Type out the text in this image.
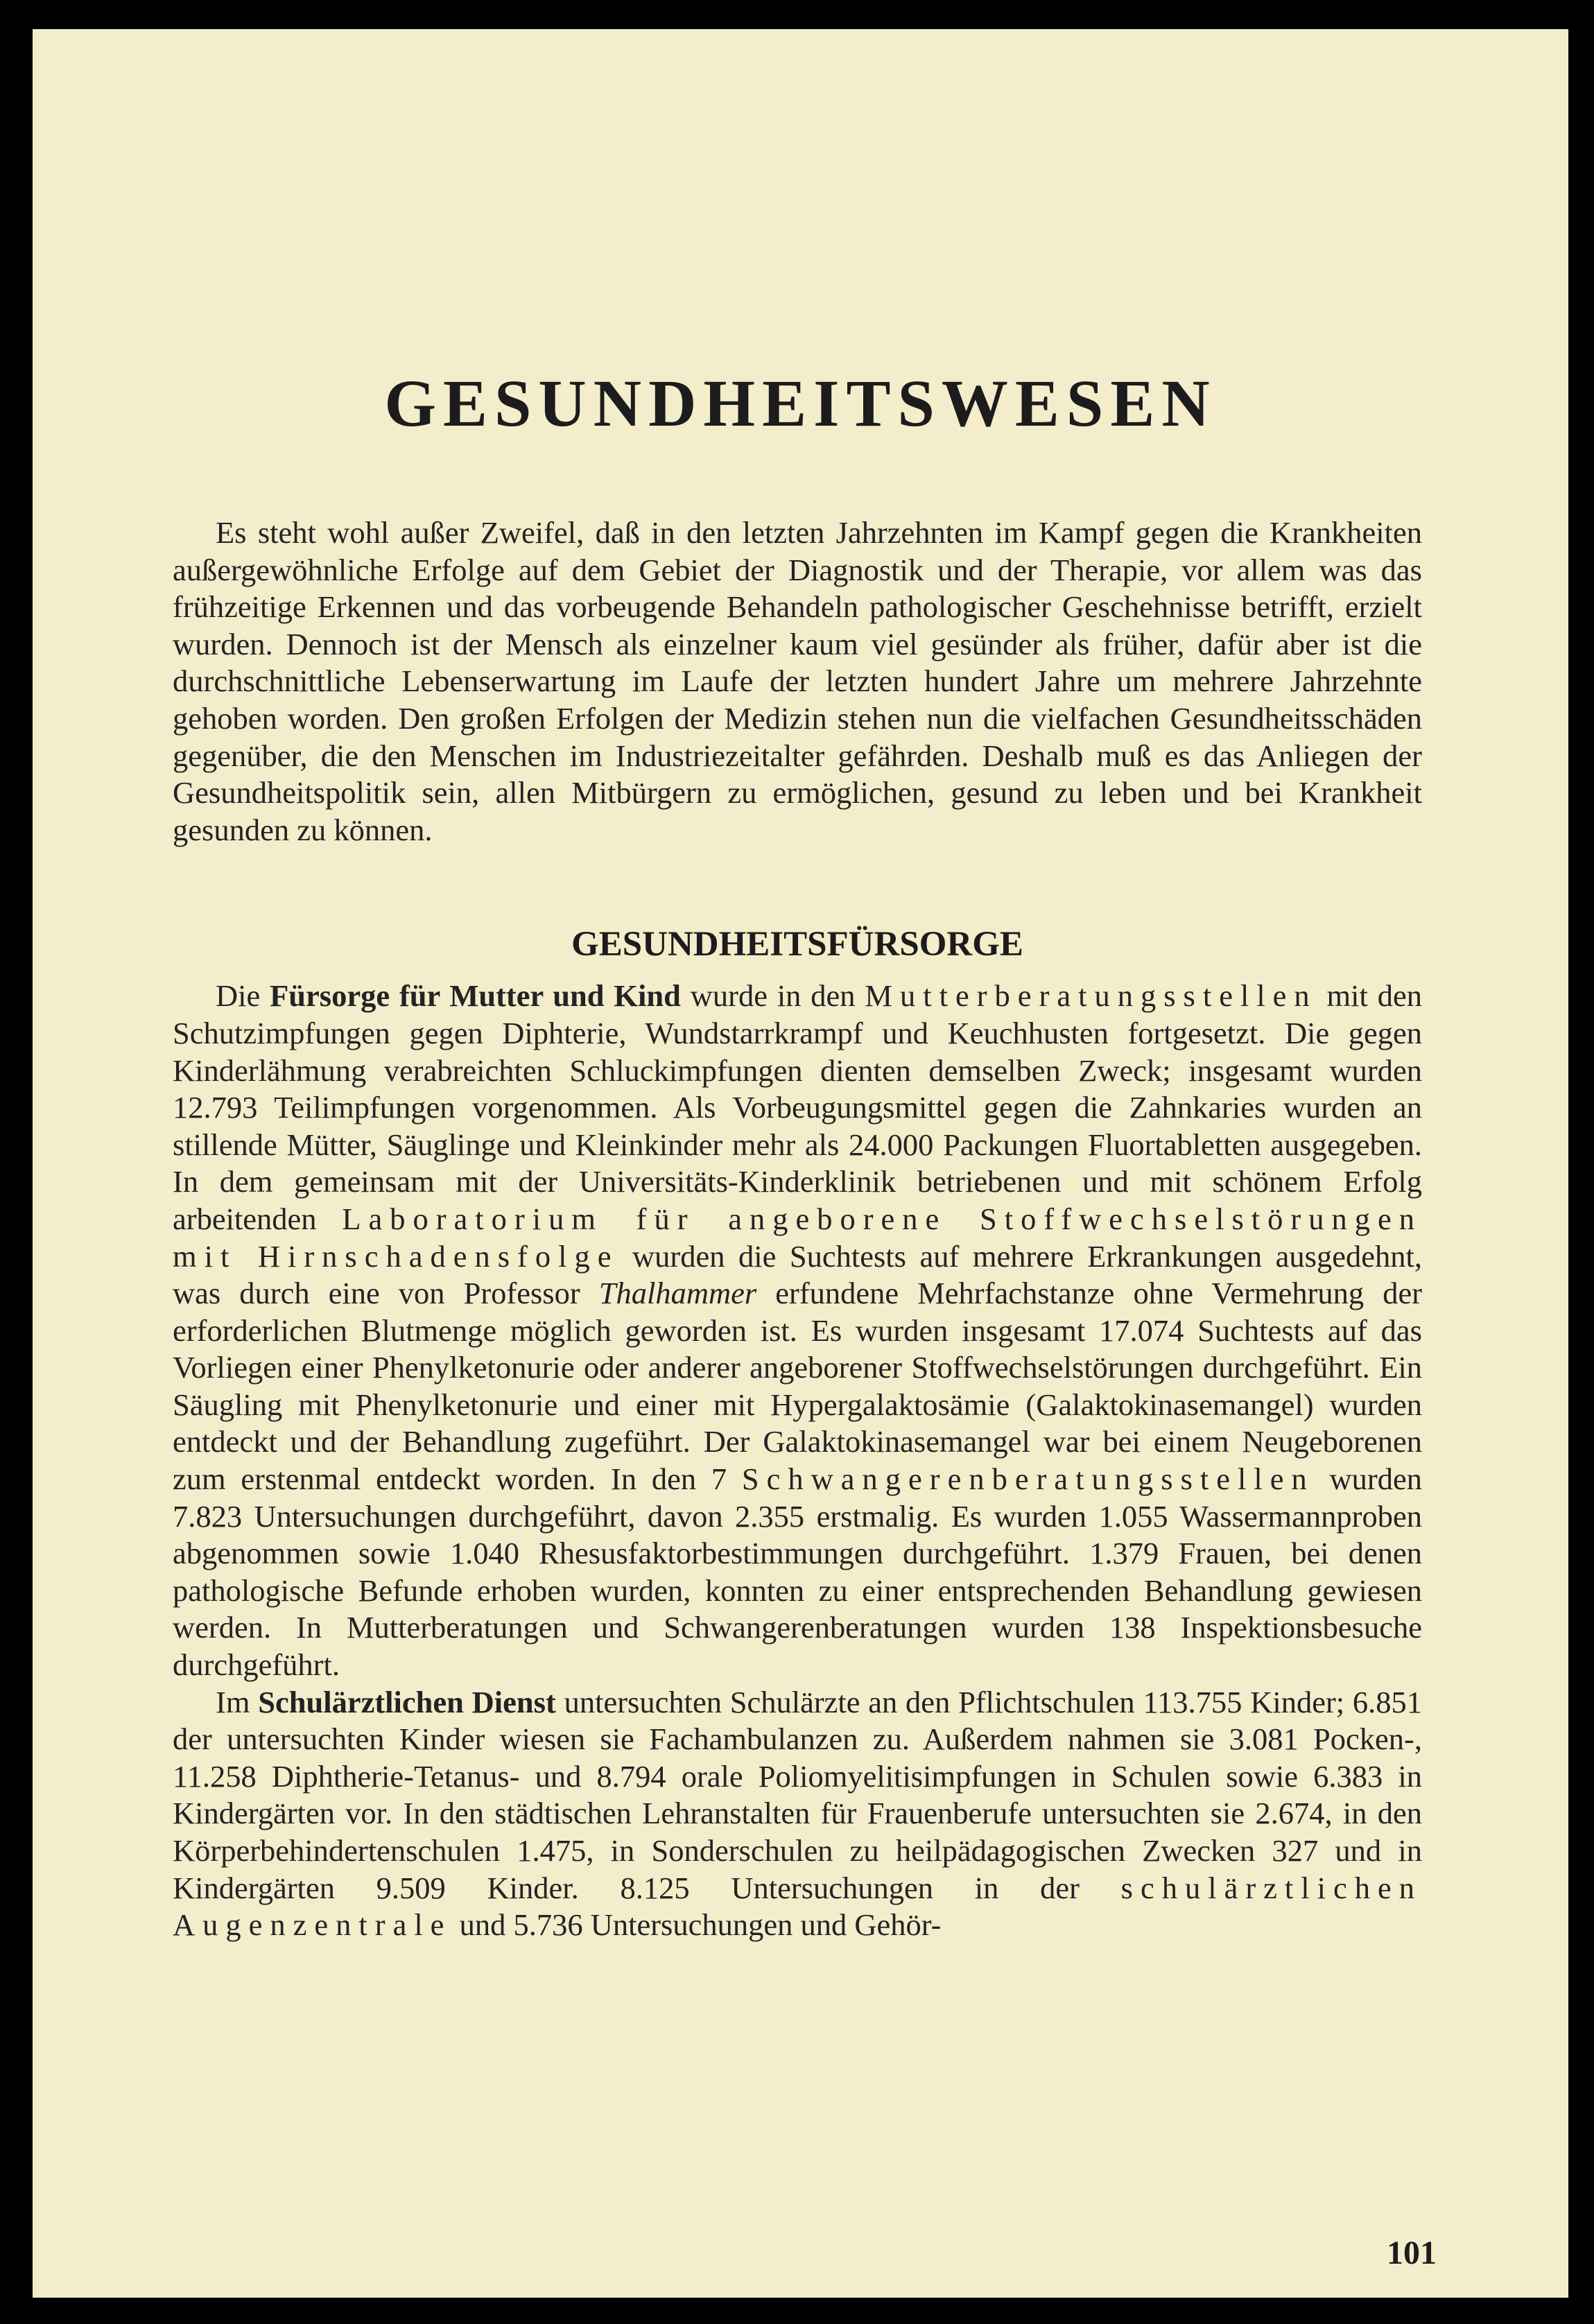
GESUNDHEITSWESEN

Es steht wohl außer Zweifel, daß in den letzten Jahrzehnten im Kampf gegen die Krankheiten außergewöhnliche Erfolge auf dem Gebiet der Diagnostik und der Therapie, vor allem was das frühzeitige Erkennen und das vorbeugende Behandeln pathologischer Geschehnisse betrifft, erzielt wurden. Dennoch ist der Mensch als einzelner kaum viel gesünder als früher, dafür aber ist die durchschnittliche Lebenserwartung im Laufe der letzten hundert Jahre um mehrere Jahrzehnte gehoben worden. Den großen Erfolgen der Medizin stehen nun die vielfachen Gesundheitsschäden gegenüber, die den Menschen im Industriezeitalter gefährden. Deshalb muß es das Anliegen der Gesundheitspolitik sein, allen Mitbürgern zu ermöglichen, gesund zu leben und bei Krankheit gesunden zu können.

GESUNDHEITSFÜRSORGE

Die Fürsorge für Mutter und Kind wurde in den Mutterberatungsstellen mit den Schutzimpfungen gegen Diphterie, Wundstarrkrampf und Keuchhusten fortgesetzt. Die gegen Kinderlähmung verabreichten Schluckimpfungen dienten demselben Zweck; insgesamt wurden 12.793 Teilimpfungen vorgenommen. Als Vorbeugungsmittel gegen die Zahnkaries wurden an stillende Mütter, Säuglinge und Kleinkinder mehr als 24.000 Packungen Fluortabletten ausgegeben. In dem gemeinsam mit der Universitäts-Kinderklinik betriebenen und mit schönem Erfolg arbeitenden Laboratorium für angeborene Stoffwechselstörungen mit Hirnschadensfolge wurden die Suchtests auf mehrere Erkrankungen ausgedehnt, was durch eine von Professor Thalhammer erfundene Mehrfachstanze ohne Vermehrung der erforderlichen Blutmenge möglich geworden ist. Es wurden insgesamt 17.074 Suchtests auf das Vorliegen einer Phenylketonurie oder anderer angeborener Stoffwechselstörungen durchgeführt. Ein Säugling mit Phenylketonurie und einer mit Hypergalaktosämie (Galaktokinasemangel) wurden entdeckt und der Behandlung zugeführt. Der Galaktokinasemangel war bei einem Neugeborenen zum erstenmal entdeckt worden. In den 7 Schwangerenberatungsstellen wurden 7.823 Untersuchungen durchgeführt, davon 2.355 erstmalig. Es wurden 1.055 Wassermannproben abgenommen sowie 1.040 Rhesusfaktorbestimmungen durchgeführt. 1.379 Frauen, bei denen pathologische Befunde erhoben wurden, konnten zu einer entsprechenden Behandlung gewiesen werden. In Mutterberatungen und Schwangerenberatungen wurden 138 Inspektionsbesuche durchgeführt.

Im Schulärztlichen Dienst untersuchten Schulärzte an den Pflichtschulen 113.755 Kinder; 6.851 der untersuchten Kinder wiesen sie Fachambulanzen zu. Außerdem nahmen sie 3.081 Pocken-, 11.258 Diphtherie-Tetanus- und 8.794 orale Poliomyelitisimpfungen in Schulen sowie 6.383 in Kindergärten vor. In den städtischen Lehranstalten für Frauenberufe untersuchten sie 2.674, in den Körperbehindertenschulen 1.475, in Sonderschulen zu heilpädagogischen Zwecken 327 und in Kindergärten 9.509 Kinder. 8.125 Untersuchungen in der schulärztlichen Augenzentrale und 5.736 Untersuchungen und Gehör-

101
